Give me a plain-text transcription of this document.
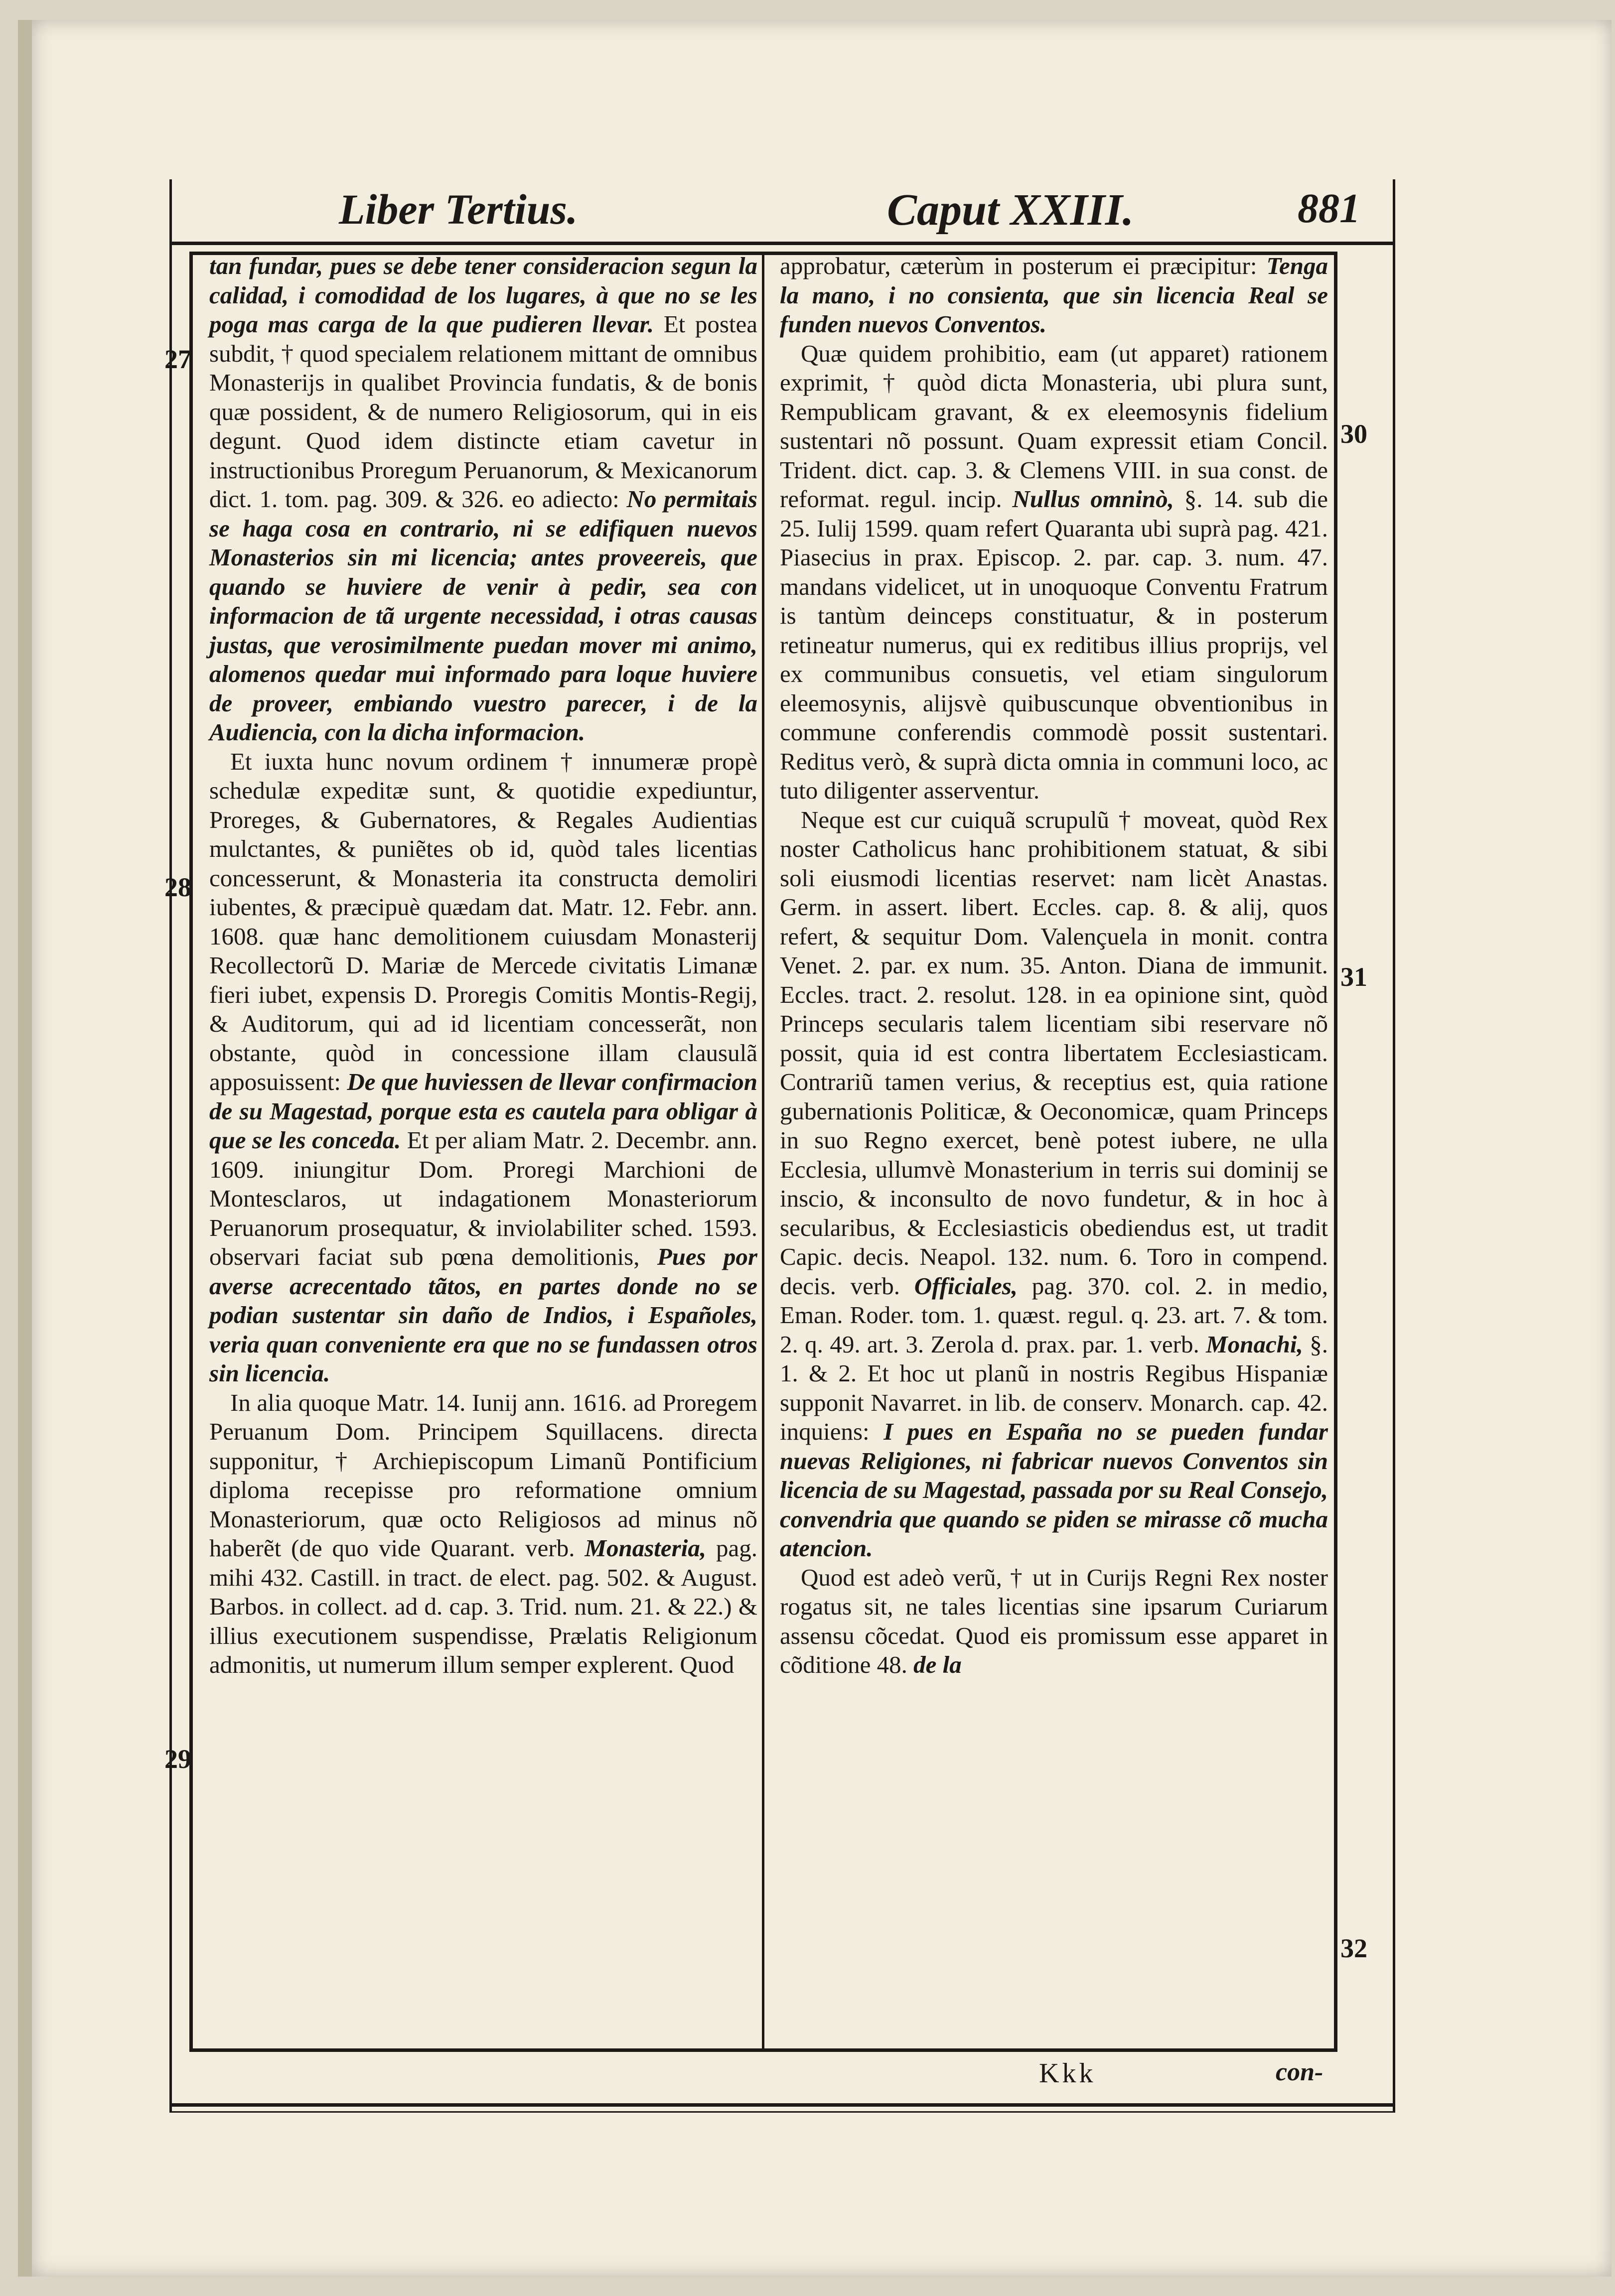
Liber Tertius.	Caput XXIII.	881

tan fundar, pues se debe tener consideracion segun la calidad, i comodidad de los lugares, à que no se les poga mas carga de la que pudieren llevar. Et postea subdit, † quod specialem relationem mittant de omnibus Monasterijs in qualibet Provincia fundatis, & de bonis quæ possident, & de numero Religiosorum, qui in eis degunt. Quod idem distincte etiam cavetur in instructionibus Proregum Peruanorum, & Mexicanorum dict. 1. tom. pag. 309. & 326. eo adiecto: No permitais se haga cosa en contrario, ni se edifiquen nuevos Monasterios sin mi licencia; antes proveereis, que quando se huviere de venir à pedir, sea con informacion de tã urgente necessidad, i otras causas justas, que verosimilmente puedan mover mi animo, alomenos quedar mui informado para loque huviere de proveer, embiando vuestro parecer, i de la Audiencia, con la dicha informacion.

Et iuxta hunc novum ordinem † innumeræ propè schedulæ expeditæ sunt, & quotidie expediuntur, Proreges, & Gubernatores, & Regales Audientias mulctantes, & puniẽtes ob id, quòd tales licentias concesserunt, & Monasteria ita constructa demoliri iubentes, & præcipuè quædam dat. Matr. 12. Febr. ann. 1608. quæ hanc demolitionem cuiusdam Monasterij Recollectorũ D. Mariæ de Mercede civitatis Limanæ fieri iubet, expensis D. Proregis Comitis Montis-Regij, & Auditorum, qui ad id licentiam concesserãt, non obstante, quòd in concessione illam clausulã apposuissent: De que huviessen de llevar confirmacion de su Magestad, porque esta es cautela para obligar à que se les conceda. Et per aliam Matr. 2. Decembr. ann. 1609. iniungitur Dom. Proregi Marchioni de Montesclaros, ut indagationem Monasteriorum Peruanorum prosequatur, & inviolabiliter sched. 1593. observari faciat sub pœna demolitionis, Pues por averse acrecentado tãtos, en partes donde no se podian sustentar sin daño de Indios, i Españoles, veria quan conveniente era que no se fundassen otros sin licencia.

In alia quoque Matr. 14. Iunij ann. 1616. ad Proregem Peruanum Dom. Principem Squillacens. directa supponitur, † Archiepiscopum Limanũ Pontificium diploma recepisse pro reformatione omnium Monasteriorum, quæ octo Religiosos ad minus nõ haberẽt (de quo vide Quarant. verb. Monasteria, pag. mihi 432. Castill. in tract. de elect. pag. 502. & August. Barbos. in collect. ad d. cap. 3. Trid. num. 21. & 22.) & illius executionem suspendisse, Prælatis Religionum admonitis, ut numerum illum semper explerent. Quod

approbatur, cæterùm in posterum ei præcipitur: Tenga la mano, i no consienta, que sin licencia Real se funden nuevos Conventos.

Quæ quidem prohibitio, eam (ut apparet) rationem exprimit, † quòd dicta Monasteria, ubi plura sunt, Rempublicam gravant, & ex eleemosynis fidelium sustentari nõ possunt. Quam expressit etiam Concil. Trident. dict. cap. 3. & Clemens VIII. in sua const. de reformat. regul. incip. Nullus omninò, §. 14. sub die 25. Iulij 1599. quam refert Quaranta ubi suprà pag. 421. Piasecius in prax. Episcop. 2. par. cap. 3. num. 47. mandans videlicet, ut in unoquoque Conventu Fratrum is tantùm deinceps constituatur, & in posterum retineatur numerus, qui ex reditibus illius proprijs, vel ex communibus consuetis, vel etiam singulorum eleemosynis, alijsvè quibuscunque obventionibus in commune conferendis commodè possit sustentari. Reditus verò, & suprà dicta omnia in communi loco, ac tuto diligenter asserventur.

Neque est cur cuiquã scrupulũ † moveat, quòd Rex noster Catholicus hanc prohibitionem statuat, & sibi soli eiusmodi licentias reservet: nam licèt Anastas. Germ. in assert. libert. Eccles. cap. 8. & alij, quos refert, & sequitur Dom. Valençuela in monit. contra Venet. 2. par. ex num. 35. Anton. Diana de immunit. Eccles. tract. 2. resolut. 128. in ea opinione sint, quòd Princeps secularis talem licentiam sibi reservare nõ possit, quia id est contra libertatem Ecclesiasticam. Contrariũ tamen verius, & receptius est, quia ratione gubernationis Politicæ, & Oeconomicæ, quam Princeps in suo Regno exercet, benè potest iubere, ne ulla Ecclesia, ullumvè Monasterium in terris sui dominij se inscio, & inconsulto de novo fundetur, & in hoc à secularibus, & Ecclesiasticis obediendus est, ut tradit Capic. decis. Neapol. 132. num. 6. Toro in compend. decis. verb. Officiales, pag. 370. col. 2. in medio, Eman. Roder. tom. 1. quæst. regul. q. 23. art. 7. & tom. 2. q. 49. art. 3. Zerola d. prax. par. 1. verb. Monachi, §. 1. & 2. Et hoc ut planũ in nostris Regibus Hispaniæ supponit Navarret. in lib. de conserv. Monarch. cap. 42. inquiens: I pues en España no se pueden fundar nuevas Religiones, ni fabricar nuevos Conventos sin licencia de su Magestad, passada por su Real Consejo, convendria que quando se piden se mirasse cõ mucha atencion.

Quod est adeò verũ, † ut in Curijs Regni Rex noster rogatus sit, ne tales licentias sine ipsarum Curiarum assensu cõcedat. Quod eis promissum esse apparet in cõditione 48. de la

27
28
29
30
31
32
Kkk	con-
